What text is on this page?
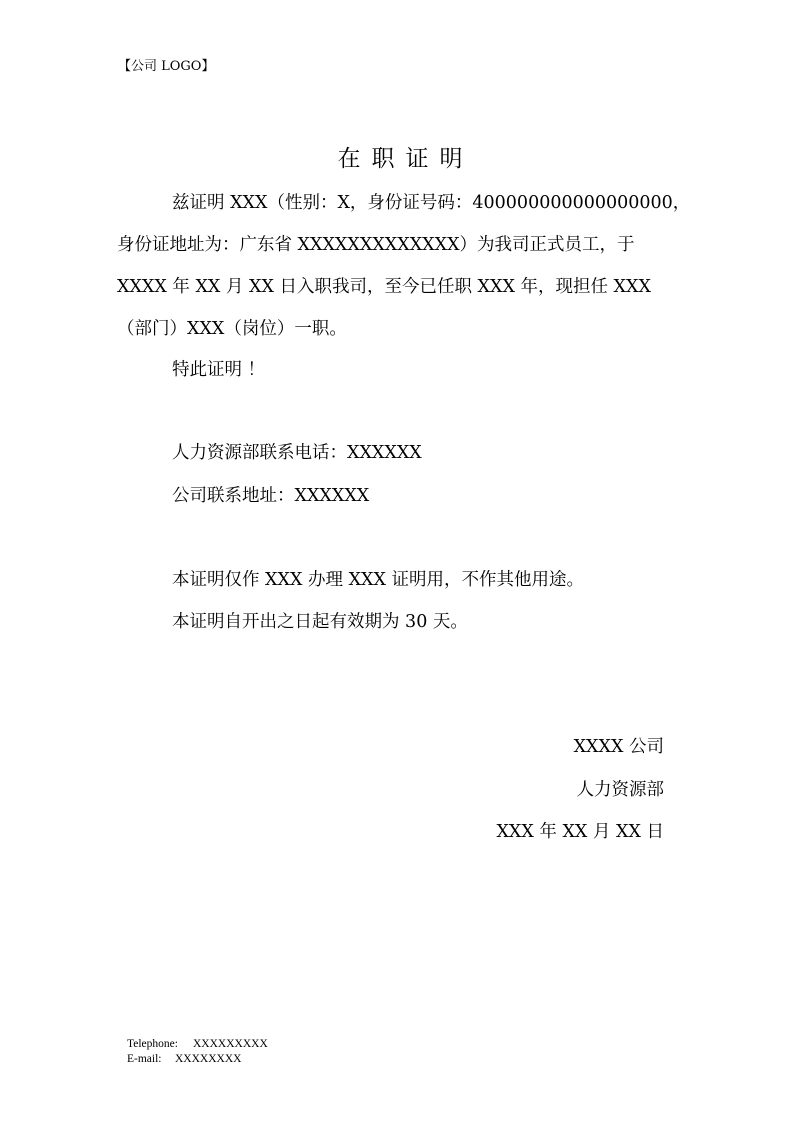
【公司 LOGO】
在职证明
兹证明 XXX（性别：X，身份证号码：400000000000000000，
身份证地址为：广东省 XXXXXXXXXXXXX）为我司正式员工，于
XXXX 年 XX 月 XX 日入职我司，至今已任职 XXX 年，现担任 XXX
（部门）XXX（岗位）一职。
特此证明 ！
人力资源部联系电话：XXXXXX
公司联系地址：XXXXXX
本证明仅作 XXX 办理 XXX 证明用，不作其他用途。
本证明自开出之日起有效期为 30 天。
XXXX 公司
人力资源部
XXX 年 XX 月 XX 日
Telephone: XXXXXXXXX
E-mail: XXXXXXXX
